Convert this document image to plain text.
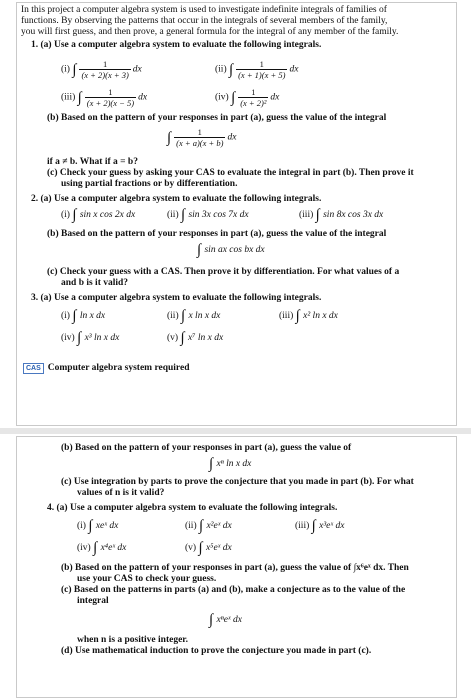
In this project a computer algebra system is used to investigate indefinite integrals of families of
functions. By observing the patterns that occur in the integrals of several members of the family,
you will first guess, and then prove, a general formula for the integral of any member of the family.
1. (a) Use a computer algebra system to evaluate the following integrals.
(i) ∫ $\frac{1}{(x + 2)(x + 3)}$ dx	(ii) ∫ $\frac{1}{(x + 1)(x + 5)}$ dx
(iii) ∫ $\frac{1}{(x + 2)(x - 5)}$ dx	(iv) ∫ $\frac{1}{\text{(x + 2)²}}$ dx
(b) Based on the pattern of your responses in part (a), guess the value of the integral
∫ $\frac{1}{(x + a)(x + b)}$ dx
if a ≠ b. What if a = b?
(c) Check your guess by asking your CAS to evaluate the integral in part (b). Then prove it
using partial fractions or by differentiation.
2. (a) Use a computer algebra system to evaluate the following integrals.
(i) ∫ sin x cos 2x dx	(ii) ∫ sin 3x cos 7x dx	(iii) ∫ sin 8x cos 3x dx
(b) Based on the pattern of your responses in part (a), guess the value of the integral
∫ sin ax cos bx dx
(c) Check your guess with a CAS. Then prove it by differentiation. For what values of a
and b is it valid?
3. (a) Use a computer algebra system to evaluate the following integrals.
(i) ∫ ln x dx	(ii) ∫ x ln x dx	(iii) ∫ x² ln x dx
(iv) ∫ x³ ln x dx	(v) ∫ x⁷ ln x dx
CAS Computer algebra system required
(b) Based on the pattern of your responses in part (a), guess the value of
∫ xⁿ ln x dx
(c) Use integration by parts to prove the conjecture that you made in part (b). For what
values of n is it valid?
4. (a) Use a computer algebra system to evaluate the following integrals.
(i) ∫ xeˣ dx	(ii) ∫ x²eˣ dx	(iii) ∫ x³eˣ dx
(iv) ∫ x⁴eˣ dx	(v) ∫ x⁵eˣ dx
(b) Based on the pattern of your responses in part (a), guess the value of ∫x⁶eˣ dx. Then
use your CAS to check your guess.
(c) Based on the patterns in parts (a) and (b), make a conjecture as to the value of the
integral
∫ xⁿeˣ dx
when n is a positive integer.
(d) Use mathematical induction to prove the conjecture you made in part (c).
